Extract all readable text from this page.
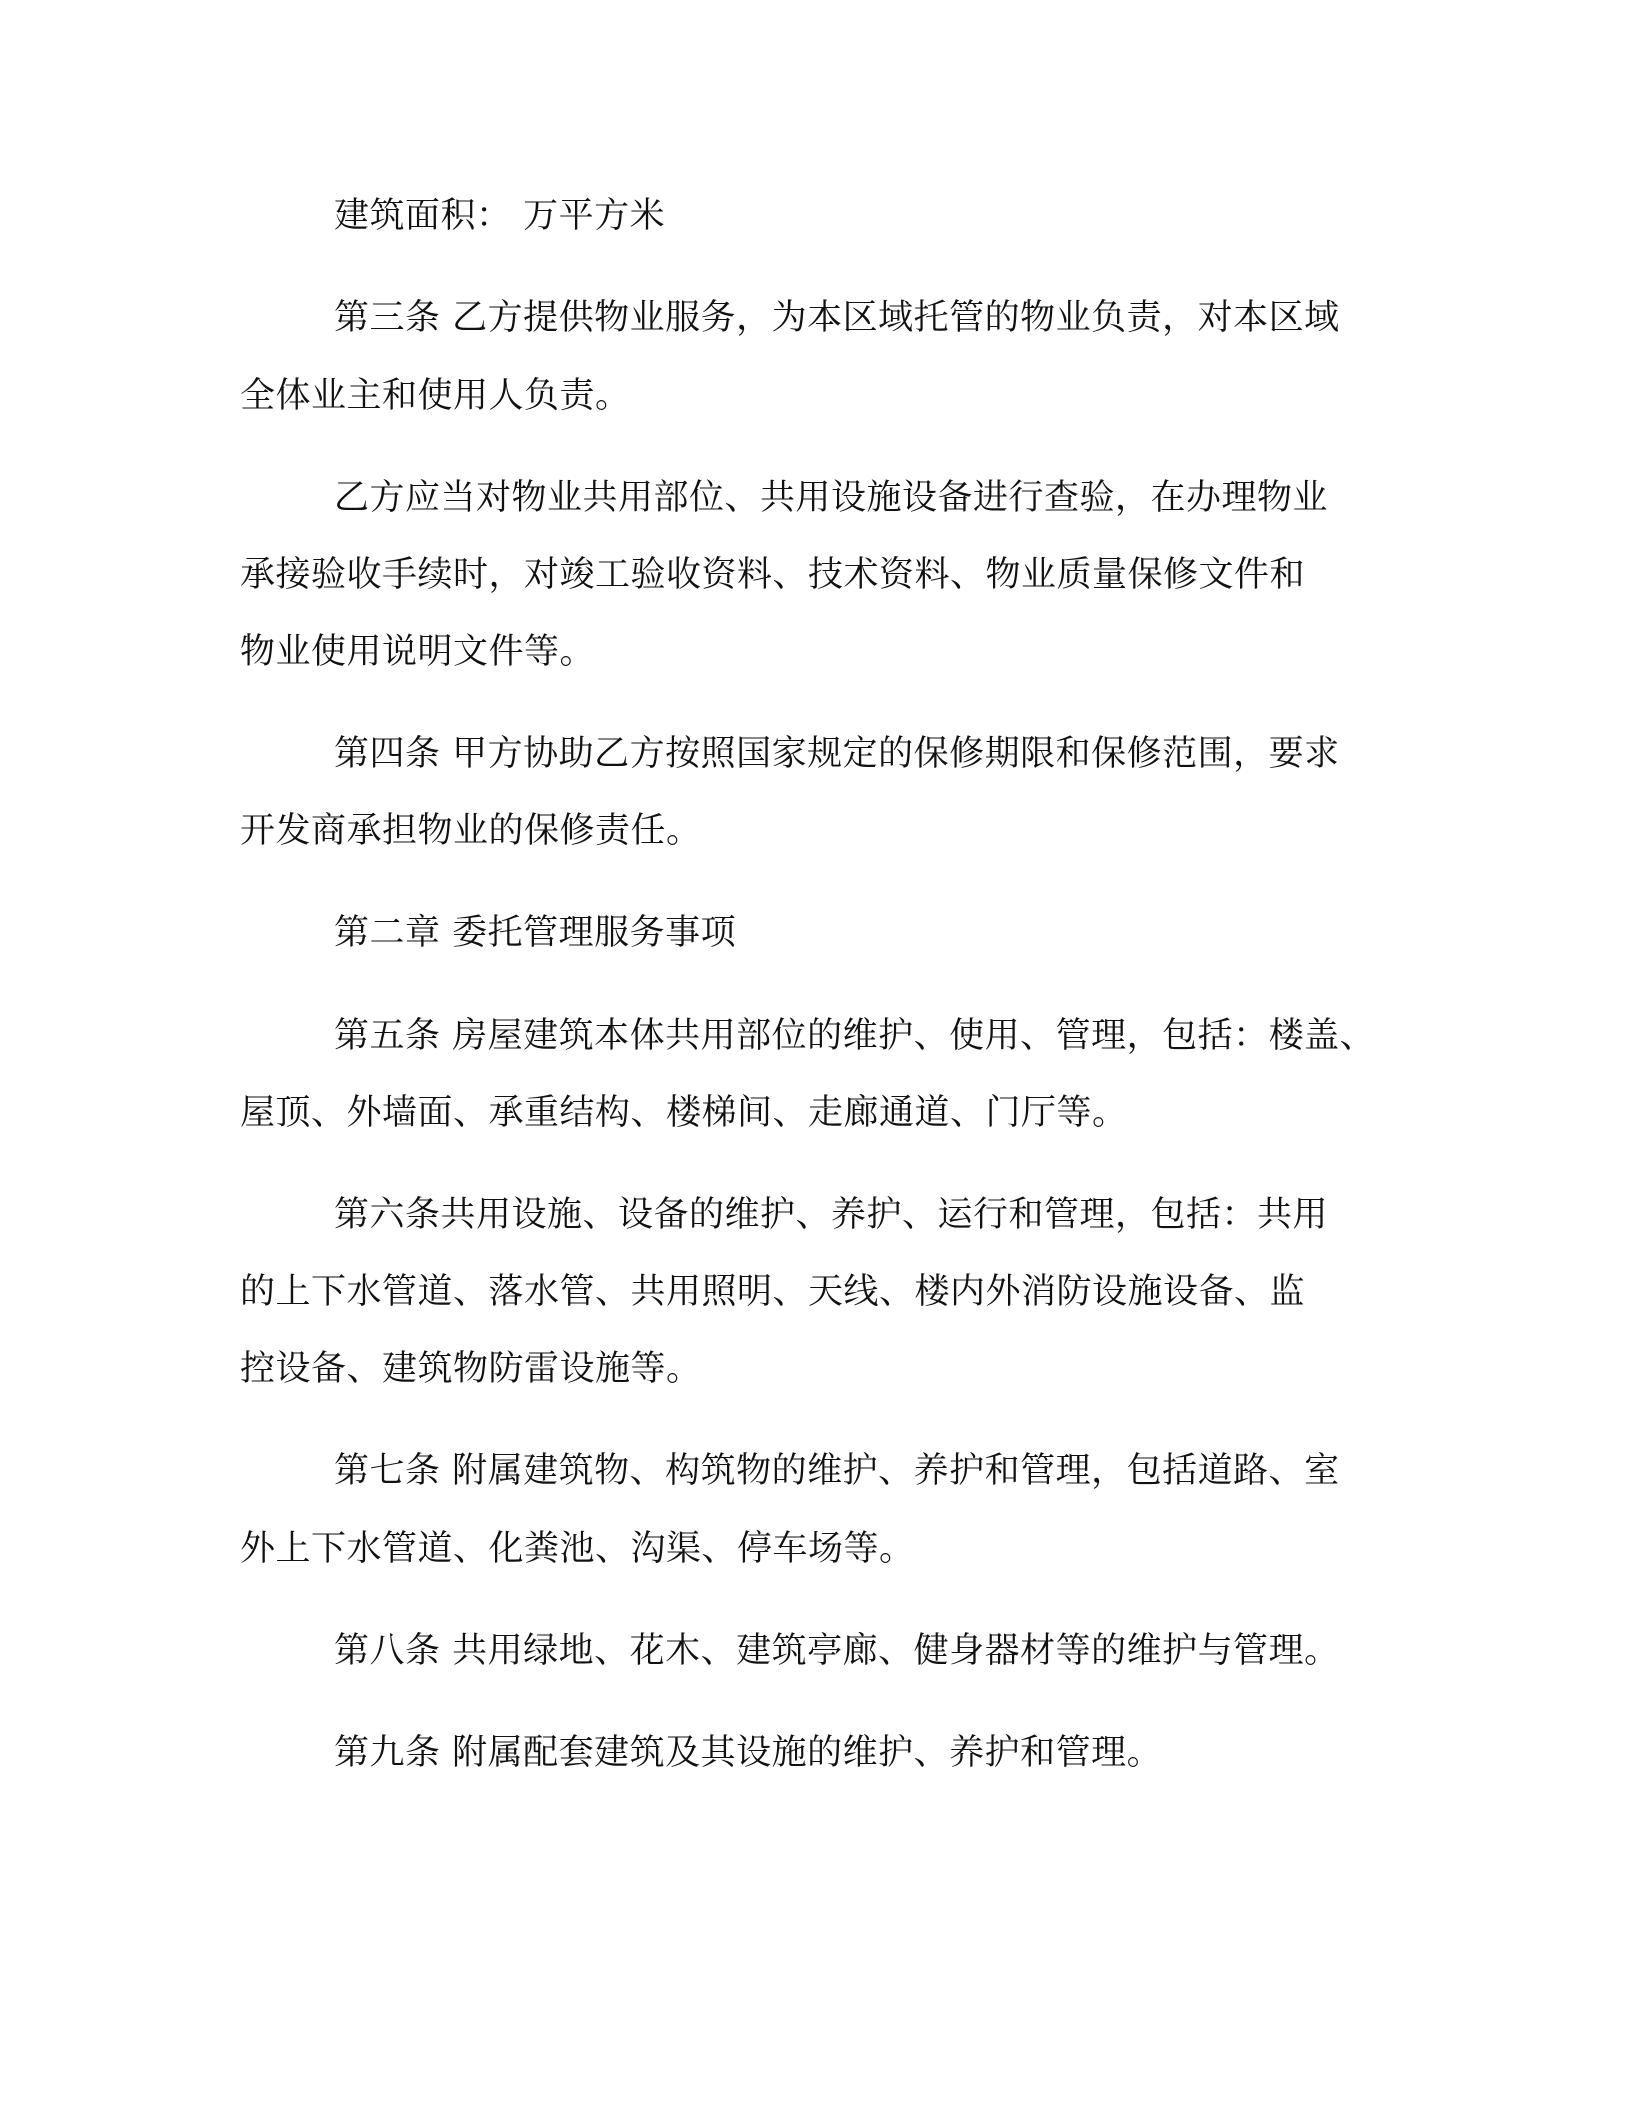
建筑面积： 万平方米
第三条 乙方提供物业服务，为本区域托管的物业负责，对本区域
全体业主和使用人负责。
乙方应当对物业共用部位、共用设施设备进行查验，在办理物业
承接验收手续时，对竣工验收资料、技术资料、物业质量保修文件和
物业使用说明文件等。
第四条 甲方协助乙方按照国家规定的保修期限和保修范围，要求
开发商承担物业的保修责任。
第二章 委托管理服务事项
第五条 房屋建筑本体共用部位的维护、使用、管理，包括：楼盖、
屋顶、外墙面、承重结构、楼梯间、走廊通道、门厅等。
第六条共用设施、设备的维护、养护、运行和管理，包括：共用
的上下水管道、落水管、共用照明、天线、楼内外消防设施设备、监
控设备、建筑物防雷设施等。
第七条 附属建筑物、构筑物的维护、养护和管理，包括道路、室
外上下水管道、化粪池、沟渠、停车场等。
第八条 共用绿地、花木、建筑亭廊、健身器材等的维护与管理。
第九条 附属配套建筑及其设施的维护、养护和管理。
